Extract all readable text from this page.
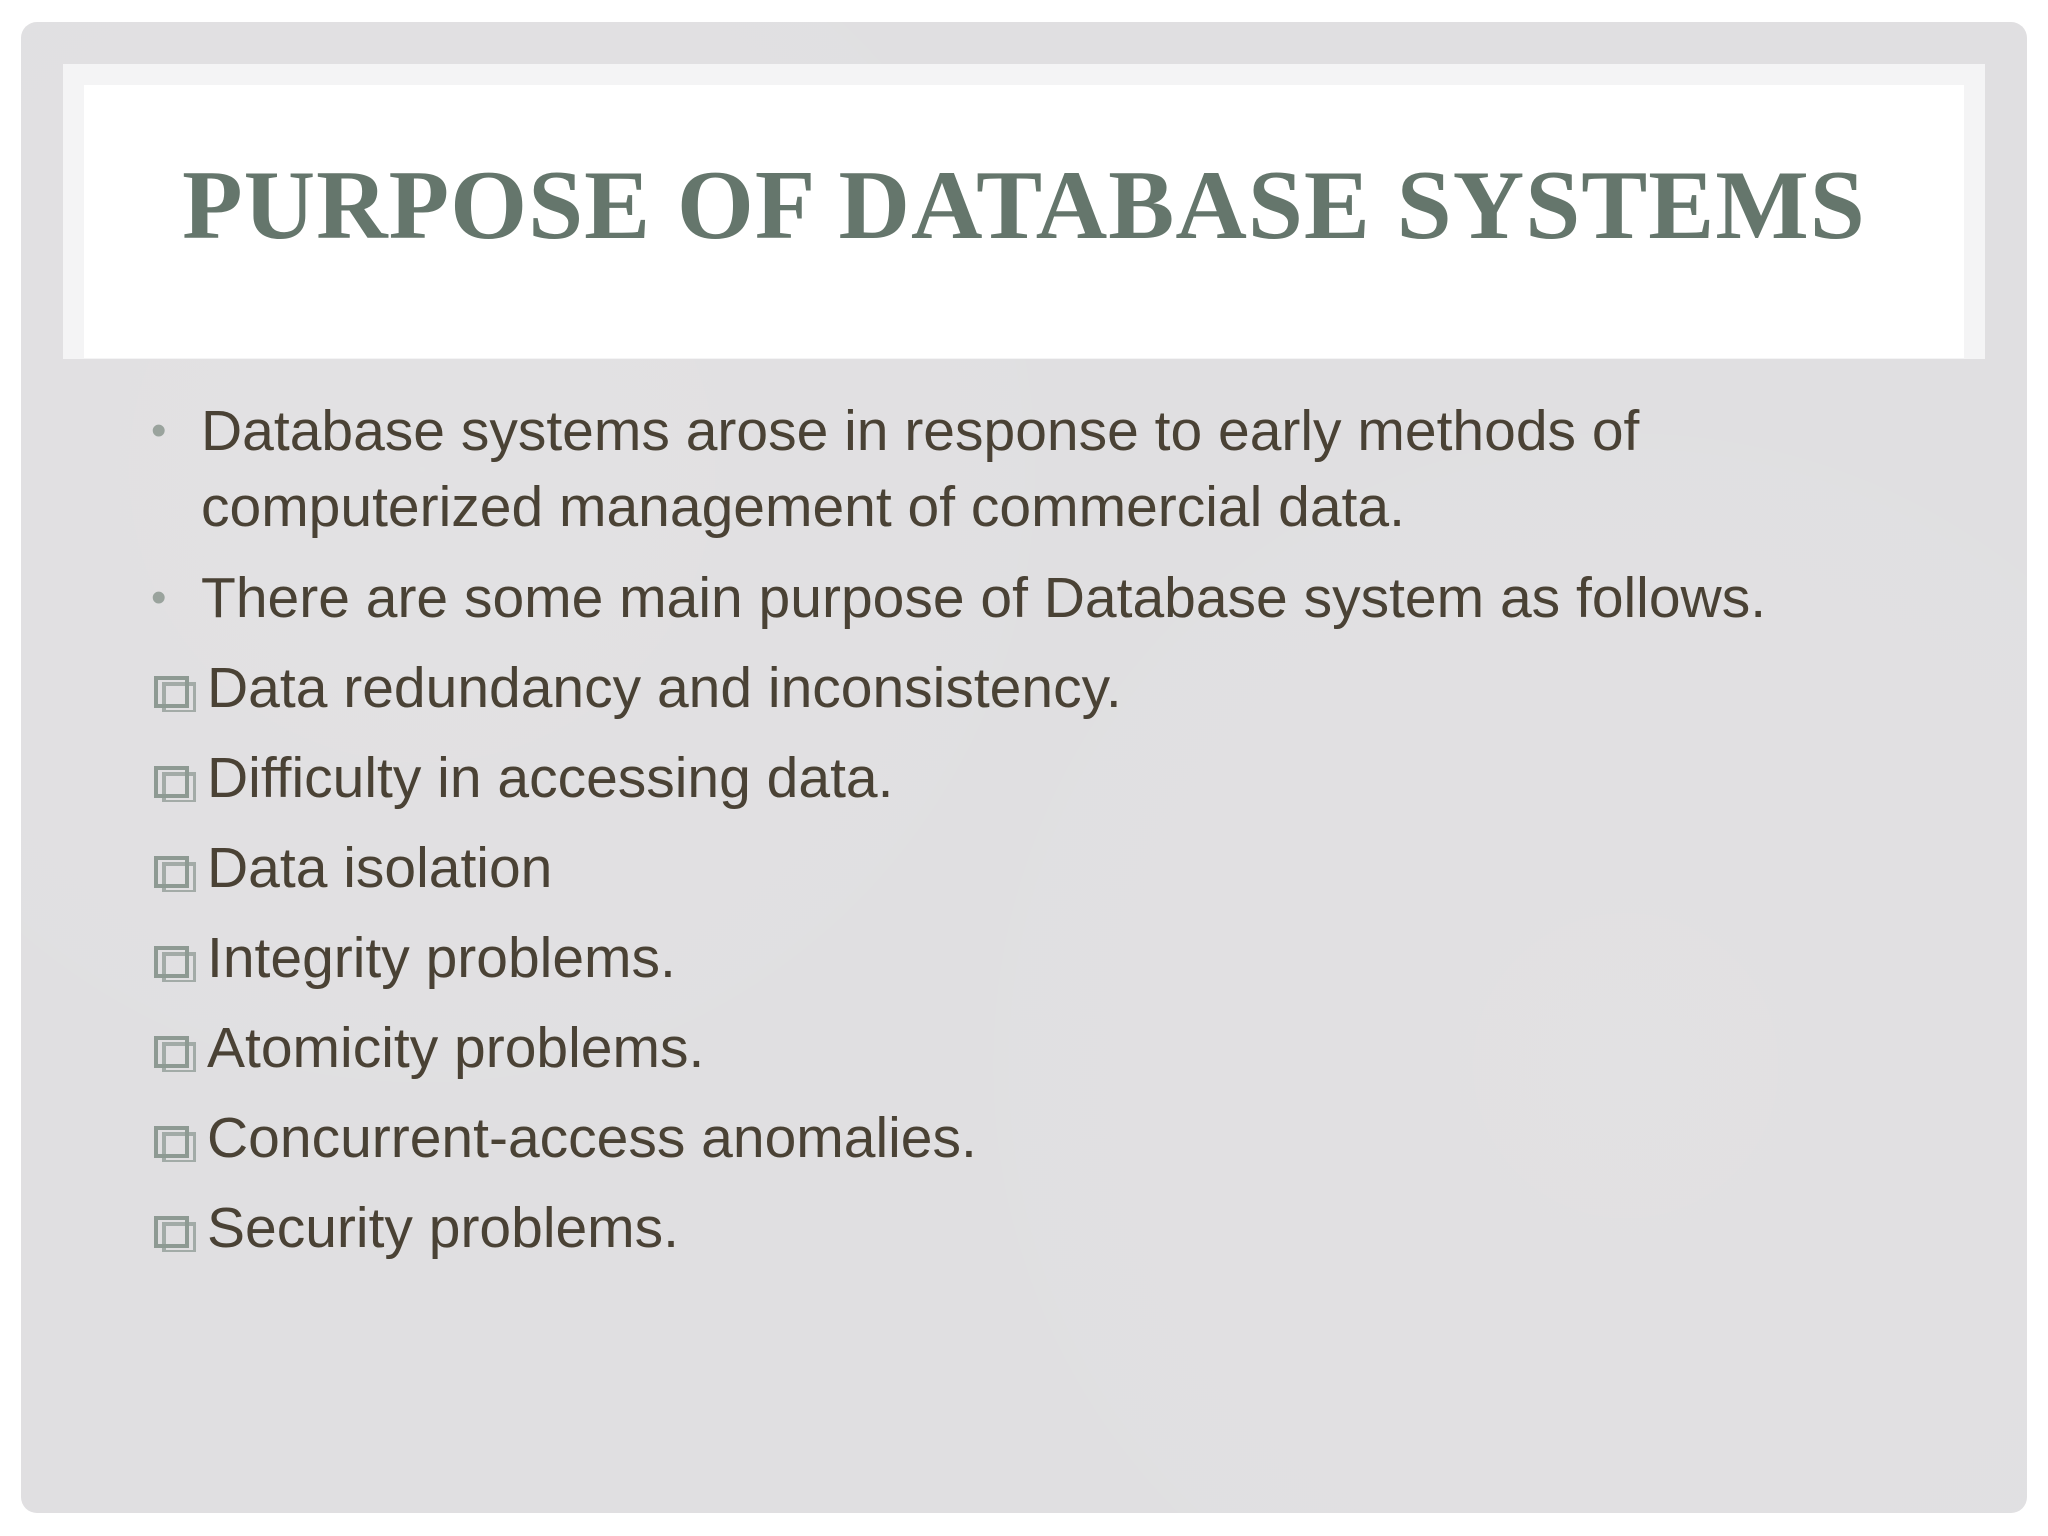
PURPOSE OF DATABASE SYSTEMS
• Database systems arose in response to early methods of computerized management of commercial data.
• There are some main purpose of Database system as follows.
Data redundancy and inconsistency.
Difficulty in accessing data.
Data isolation
Integrity problems.
Atomicity problems.
Concurrent-access anomalies.
Security problems.
